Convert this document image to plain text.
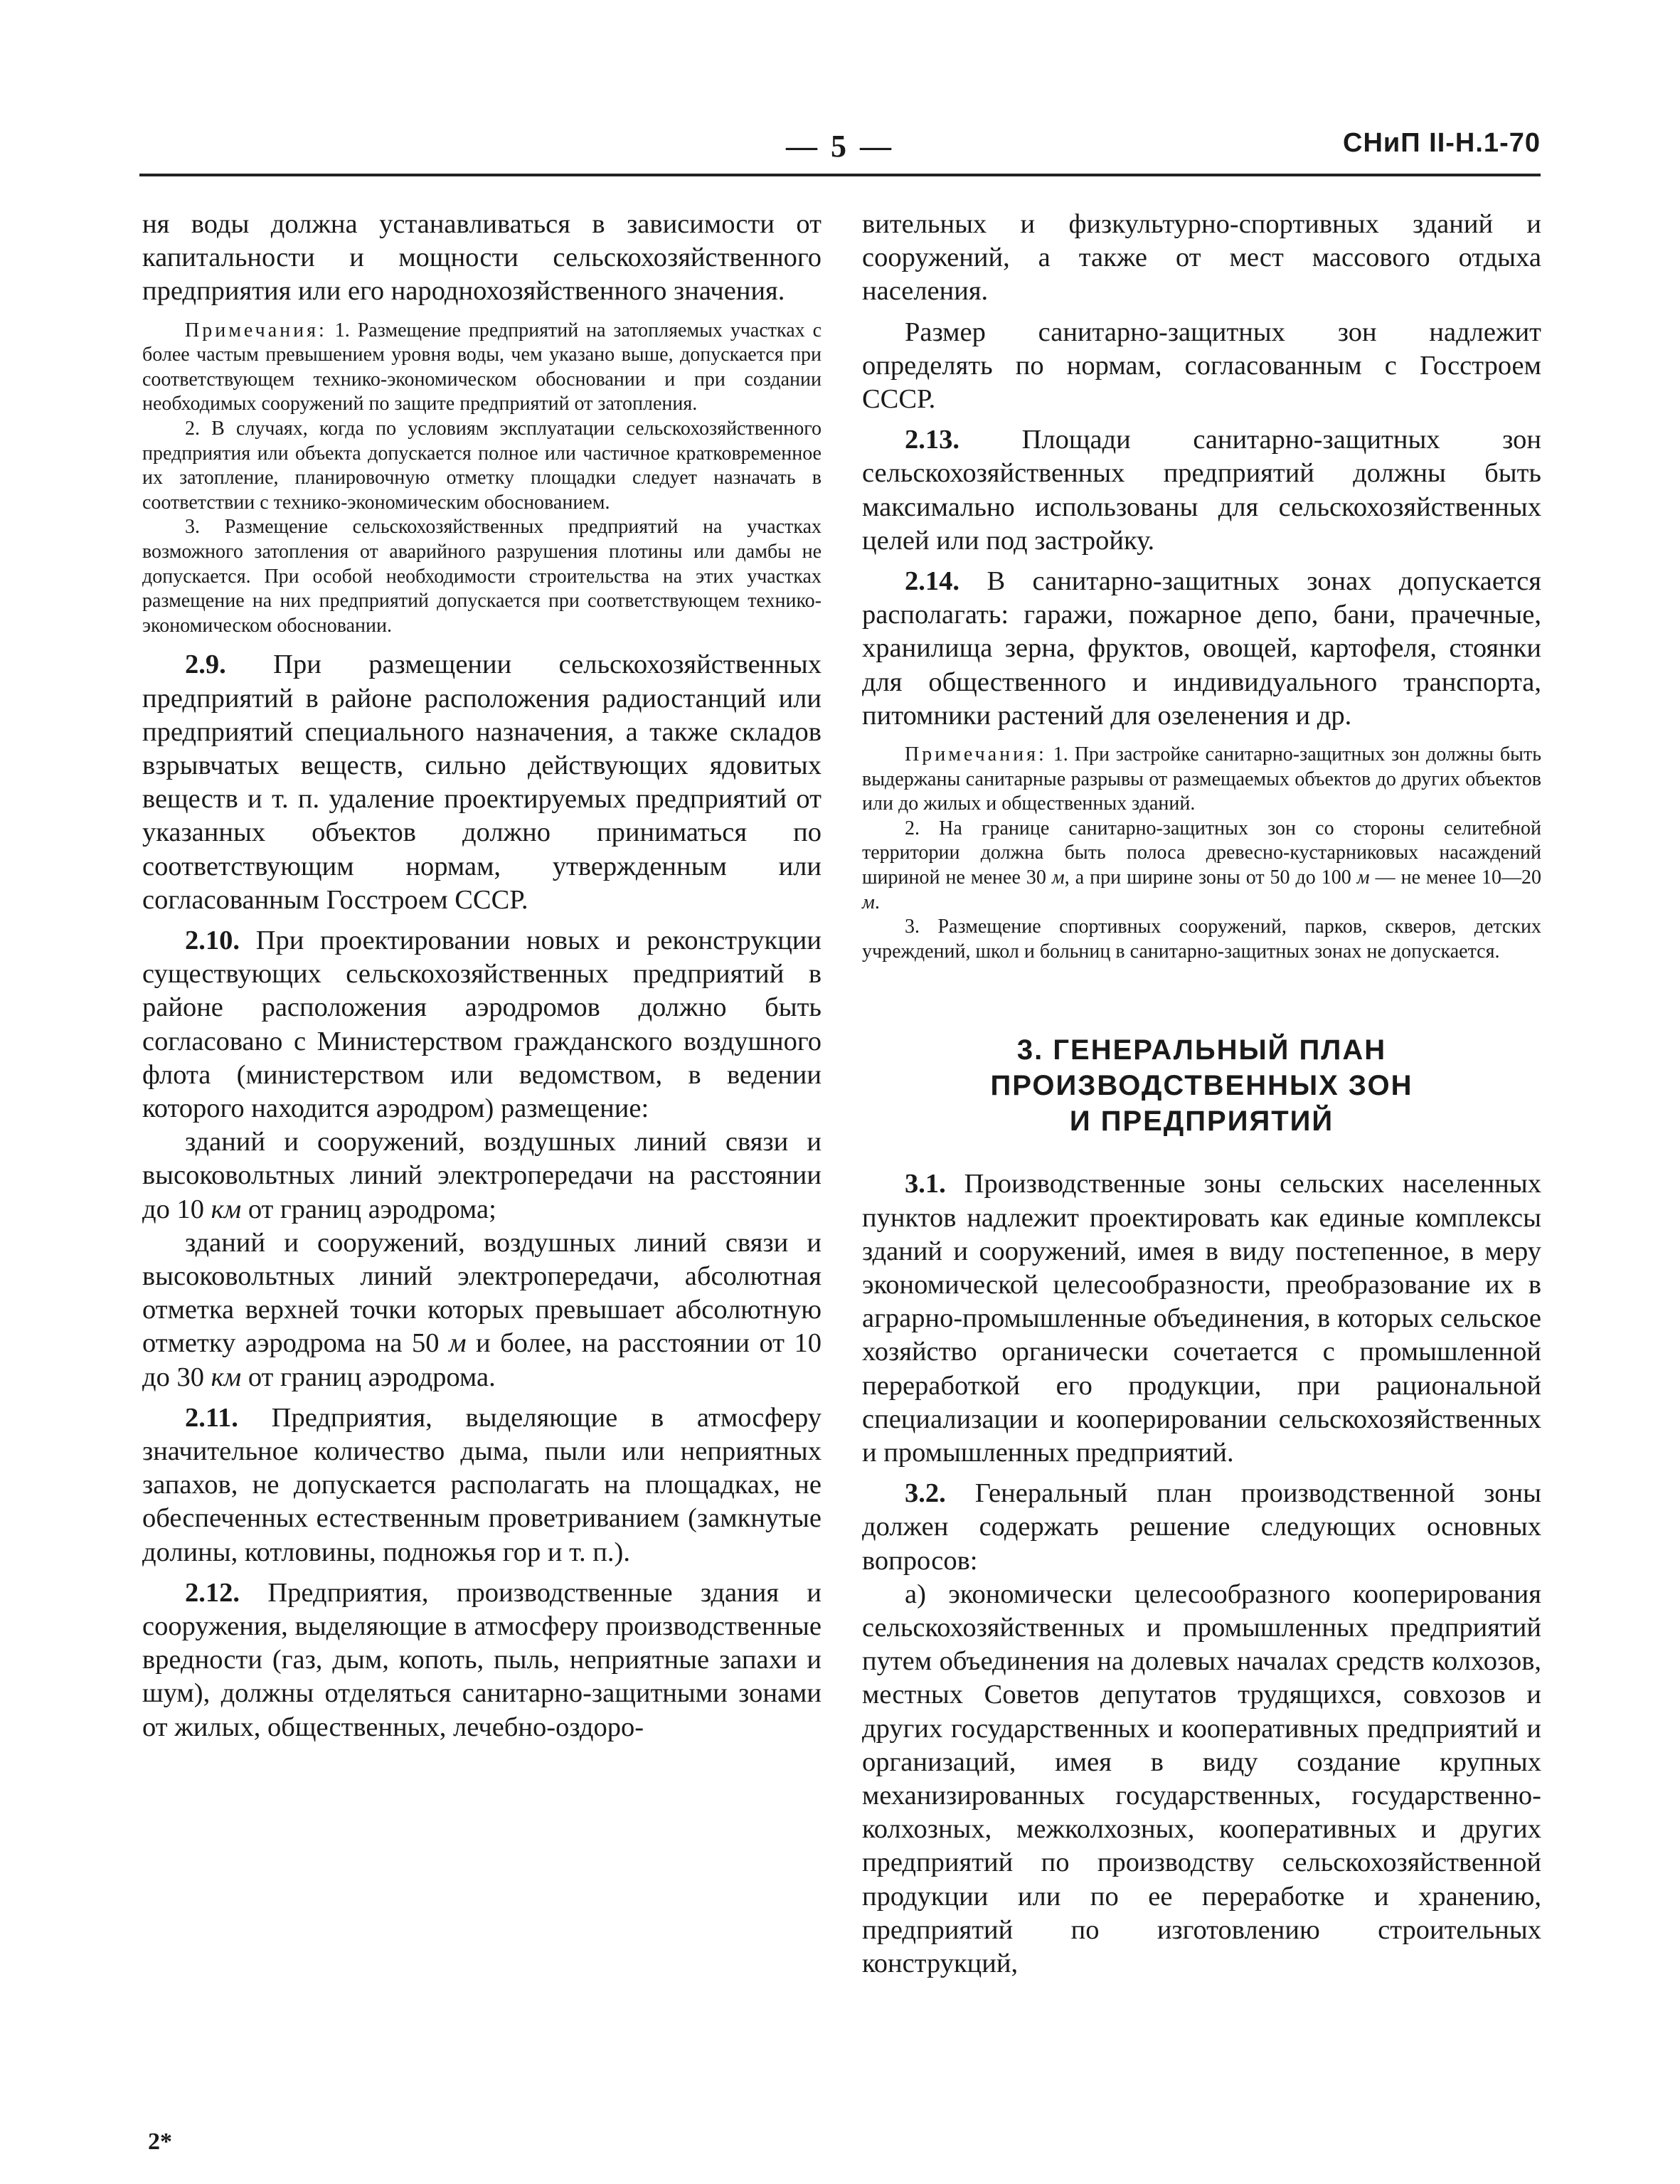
— 5 —	СНиП II-Н.1-70

ня воды должна устанавливаться в зависимости от капитальности и мощности сельскохозяйственного предприятия или его народнохозяйственного значения.

Примечания: 1. Размещение предприятий на затопляемых участках с более частым превышением уровня воды, чем указано выше, допускается при соответствующем технико-экономическом обосновании и при создании необходимых сооружений по защите предприятий от затопления.

2. В случаях, когда по условиям эксплуатации сельскохозяйственного предприятия или объекта допускается полное или частичное кратковременное их затопление, планировочную отметку площадки следует назначать в соответствии с технико-экономическим обоснованием.

3. Размещение сельскохозяйственных предприятий на участках возможного затопления от аварийного разрушения плотины или дамбы не допускается. При особой необходимости строительства на этих участках размещение на них предприятий допускается при соответствующем технико-экономическом обосновании.

2.9. При размещении сельскохозяйственных предприятий в районе расположения радиостанций или предприятий специального назначения, а также складов взрывчатых веществ, сильно действующих ядовитых веществ и т. п. удаление проектируемых предприятий от указанных объектов должно приниматься по соответствующим нормам, утвержденным или согласованным Госстроем СССР.

2.10. При проектировании новых и реконструкции существующих сельскохозяйственных предприятий в районе расположения аэродромов должно быть согласовано с Министерством гражданского воздушного флота (министерством или ведомством, в ведении которого находится аэродром) размещение:

зданий и сооружений, воздушных линий связи и высоковольтных линий электропередачи на расстоянии до 10 км от границ аэродрома;

зданий и сооружений, воздушных линий связи и высоковольтных линий электропередачи, абсолютная отметка верхней точки которых превышает абсолютную отметку аэродрома на 50 м и более, на расстоянии от 10 до 30 км от границ аэродрома.

2.11. Предприятия, выделяющие в атмосферу значительное количество дыма, пыли или неприятных запахов, не допускается располагать на площадках, не обеспеченных естественным проветриванием (замкнутые долины, котловины, подножья гор и т. п.).

2.12. Предприятия, производственные здания и сооружения, выделяющие в атмосферу производственные вредности (газ, дым, копоть, пыль, неприятные запахи и шум), должны отделяться санитарно-защитными зонами от жилых, общественных, лечебно-оздоро-

вительных и физкультурно-спортивных зданий и сооружений, а также от мест массового отдыха населения.

Размер санитарно-защитных зон надлежит определять по нормам, согласованным с Госстроем СССР.

2.13. Площади санитарно-защитных зон сельскохозяйственных предприятий должны быть максимально использованы для сельскохозяйственных целей или под застройку.

2.14. В санитарно-защитных зонах допускается располагать: гаражи, пожарное депо, бани, прачечные, хранилища зерна, фруктов, овощей, картофеля, стоянки для общественного и индивидуального транспорта, питомники растений для озеленения и др.

Примечания: 1. При застройке санитарно-защитных зон должны быть выдержаны санитарные разрывы от размещаемых объектов до других объектов или до жилых и общественных зданий.

2. На границе санитарно-защитных зон со стороны селитебной территории должна быть полоса древесно-кустарниковых насаждений шириной не менее 30 м, а при ширине зоны от 50 до 100 м — не менее 10—20 м.

3. Размещение спортивных сооружений, парков, скверов, детских учреждений, школ и больниц в санитарно-защитных зонах не допускается.

3. ГЕНЕРАЛЬНЫЙ ПЛАН
ПРОИЗВОДСТВЕННЫХ ЗОН
И ПРЕДПРИЯТИЙ

3.1. Производственные зоны сельских населенных пунктов надлежит проектировать как единые комплексы зданий и сооружений, имея в виду постепенное, в меру экономической целесообразности, преобразование их в аграрно-промышленные объединения, в которых сельское хозяйство органически сочетается с промышленной переработкой его продукции, при рациональной специализации и кооперировании сельскохозяйственных и промышленных предприятий.

3.2. Генеральный план производственной зоны должен содержать решение следующих основных вопросов:

а) экономически целесообразного кооперирования сельскохозяйственных и промышленных предприятий путем объединения на долевых началах средств колхозов, местных Советов депутатов трудящихся, совхозов и других государственных и кооперативных предприятий и организаций, имея в виду создание крупных механизированных государственных, государственно-колхозных, межколхозных, кооперативных и других предприятий по производству сельскохозяйственной продукции или по ее переработке и хранению, предприятий по изготовлению строительных конструкций,

2*
